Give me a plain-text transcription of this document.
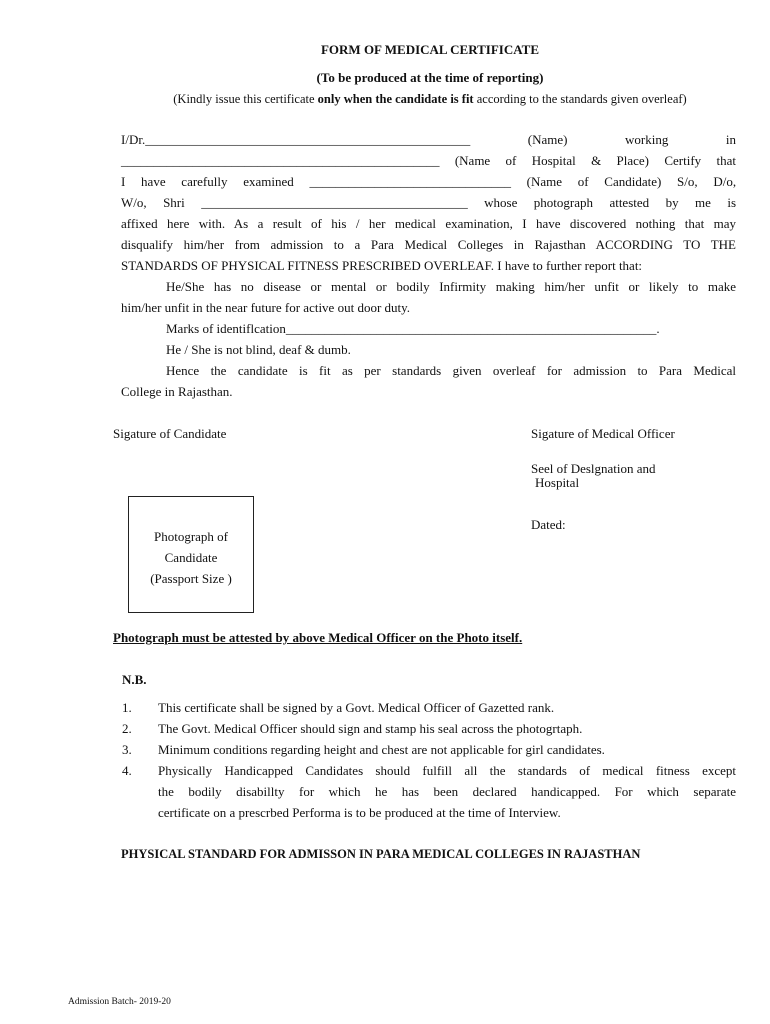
FORM OF MEDICAL CERTIFICATE
(To be produced at the time of reporting)
(Kindly issue this certificate only when the candidate is fit according to the standards given overleaf)
I/Dr.__________________________________________________	(Name)	working	in
_________________________________________________ (Name of Hospital & Place) Certify that
I have carefully examined _______________________________ (Name of Candidate) S/o, D/o,
W/o, Shri _________________________________________ whose photograph attested by me is
affixed here with. As a result of his / her medical examination, I have discovered nothing that may
disqualify him/her from admission to a Para Medical Colleges in Rajasthan ACCORDING TO THE
STANDARDS OF PHYSICAL FITNESS PRESCRIBED OVERLEAF. I have to further report that:
He/She has no disease or mental or bodily Infirmity making him/her unfit or likely to make
him/her unfit in the near future for active out door duty.
Marks of identiflcation_________________________________________________________.
He / She is not blind, deaf & dumb.
Hence the candidate is fit as per standards given overleaf for admission to Para Medical
College in Rajasthan.
Sigature of Candidate	Sigature of Medical Officer
Seel of Deslgnation and
Hospital
Dated:
Photograph of
Candidate
(Passport Size )
Photograph must be attested by above Medical Officer on the Photo itself.
N.B.
1. This certificate shall be signed by a Govt. Medical Officer of Gazetted rank.
2. The Govt. Medical Officer should sign and stamp his seal across the photogrtaph.
3. Minimum conditions regarding height and chest are not applicable for girl candidates.
4. Physically Handicapped Candidates should fulfill all the standards of medical fitness except
the bodily disabillty for which he has been declared handicapped. For which separate
certificate on a prescrbed Performa is to be produced at the time of Interview.
PHYSICAL STANDARD FOR ADMISSON IN PARA MEDICAL COLLEGES IN RAJASTHAN
Admission Batch- 2019-20
